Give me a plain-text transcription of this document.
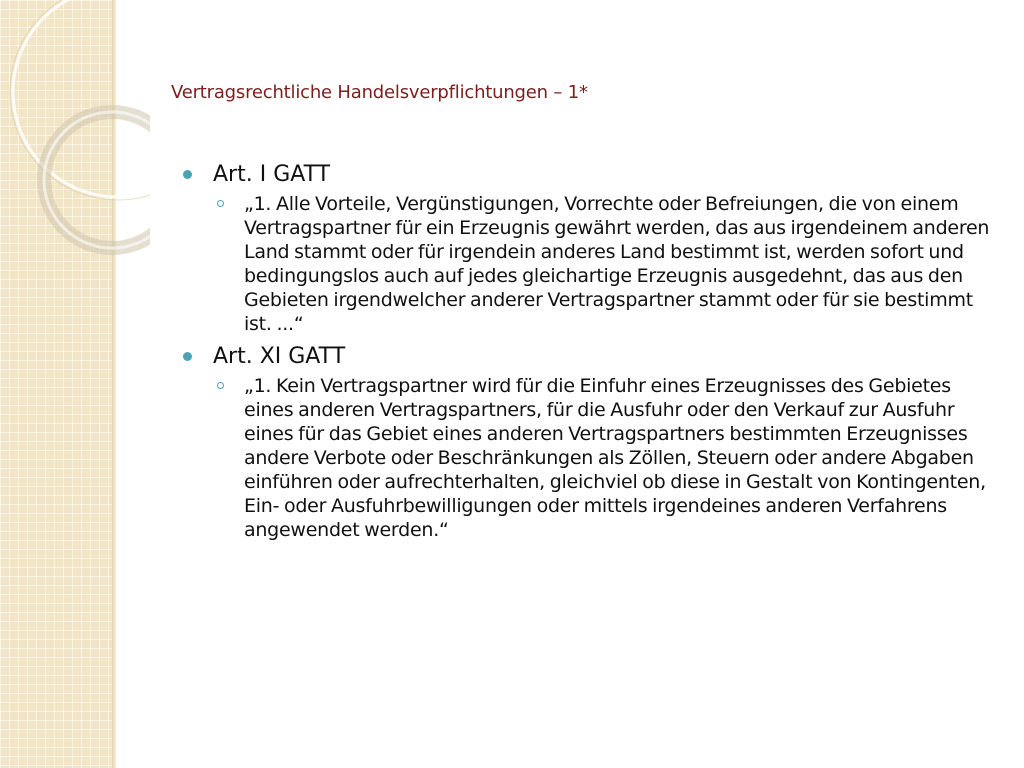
Vertragsrechtliche Handelsverpflichtungen – 1*
Art. I GATT
„1. Alle Vorteile, Vergünstigungen, Vorrechte oder Befreiungen, die von einem Vertragspartner für ein Erzeugnis gewährt werden, das aus irgendeinem anderen Land stammt oder für irgendein anderes Land bestimmt ist, werden sofort und bedingungslos auch auf jedes gleichartige Erzeugnis ausgedehnt, das aus den Gebieten irgendwelcher anderer Vertragspartner stammt oder für sie bestimmt ist. ...“
Art. XI GATT
„1. Kein Vertragspartner wird für die Einfuhr eines Erzeugnisses des Gebietes eines anderen Vertragspartners, für die Ausfuhr oder den Verkauf zur Ausfuhr eines für das Gebiet eines anderen Vertragspartners bestimmten Erzeugnisses andere Verbote oder Beschränkungen als Zöllen, Steuern oder andere Abgaben einführen oder aufrechterhalten, gleichviel ob diese in Gestalt von Kontingenten, Ein- oder Ausfuhrbewilligungen oder mittels irgendeines anderen Verfahrens angewendet werden.“
